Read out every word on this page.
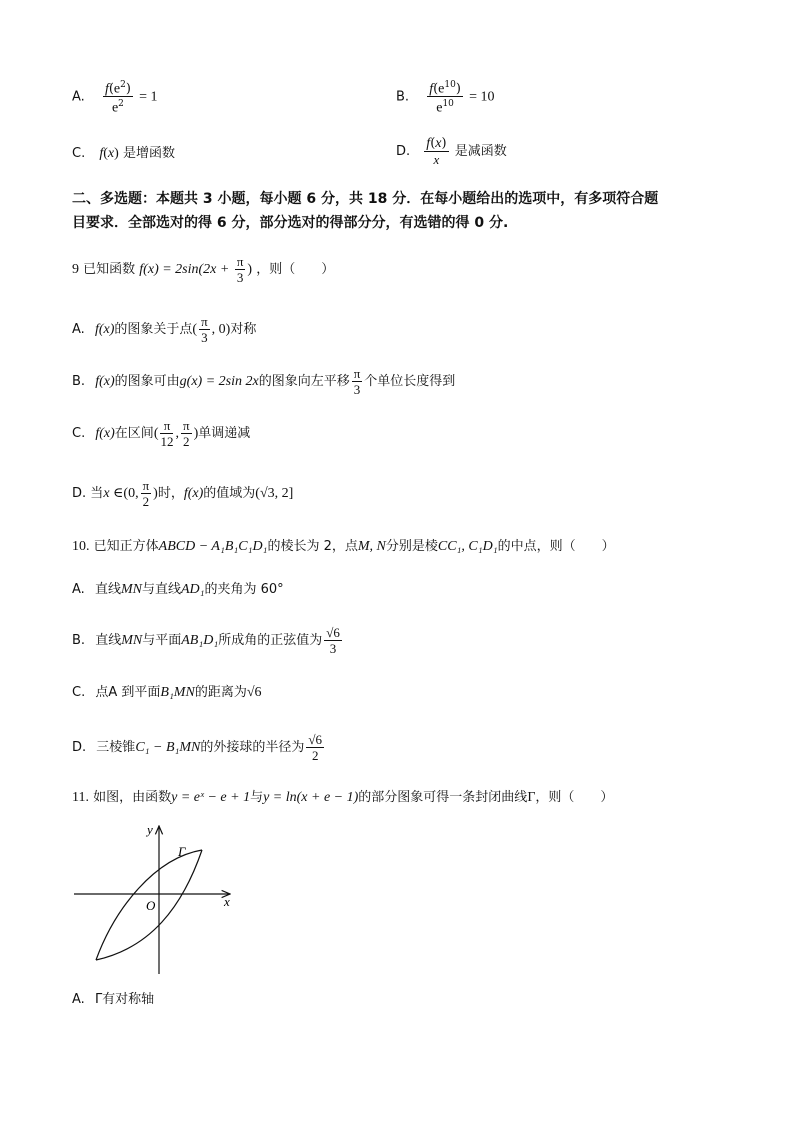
A. $\frac{f(e^2)}{e^2} = 1$	B. $\frac{f(e^{10})}{e^{10}} = 10$
C. f(x) 是增函数	D. $\frac{f(x)}{x}$ 是减函数
二、多选题：本题共 3 小题，每小题 6 分，共 18 分．在每小题给出的选项中，有多项符合题
目要求．全部选对的得 6 分，部分选对的得部分分，有选错的得 0 分.
9 已知函数 $f(x) = 2\sin(2x + \frac{\pi}{3}$ ) ，则（　　）
A. f(x)的图象关于点( $\frac{\pi}{3}$ , 0)对称
B. f(x)的图象可由g(x) = 2sin 2x的图象向左平移 $\frac{\pi}{3}$ 个单位长度得到
C. f(x)在区间( $\frac{\pi}{12}$ , $\frac{\pi}{2}$ )单调递减
D. 当x ∈(0, $\frac{\pi}{2}$ )时，f(x)的值域为(√3, 2]
10. 已知正方体ABCD − A₁B₁C₁D₁的棱长为 2，点M, N分别是棱CC₁, C₁D₁的中点，则（　　）
A. 直线MN与直线AD₁的夹角为 60°
B. 直线MN与平面AB₁D₁所成角的正弦值为 $\frac{√6}{3}$
C. 点A 到平面B₁MN的距离为√6
D. 三棱锥C₁ − B₁MN的外接球的半径为 $\frac{√6}{2}$
11. 如图，由函数y = eˣ − e + 1与y = ln(x + e − 1)的部分图象可得一条封闭曲线Γ，则（　　）
y
x
O
Γ
A. Γ有对称轴
